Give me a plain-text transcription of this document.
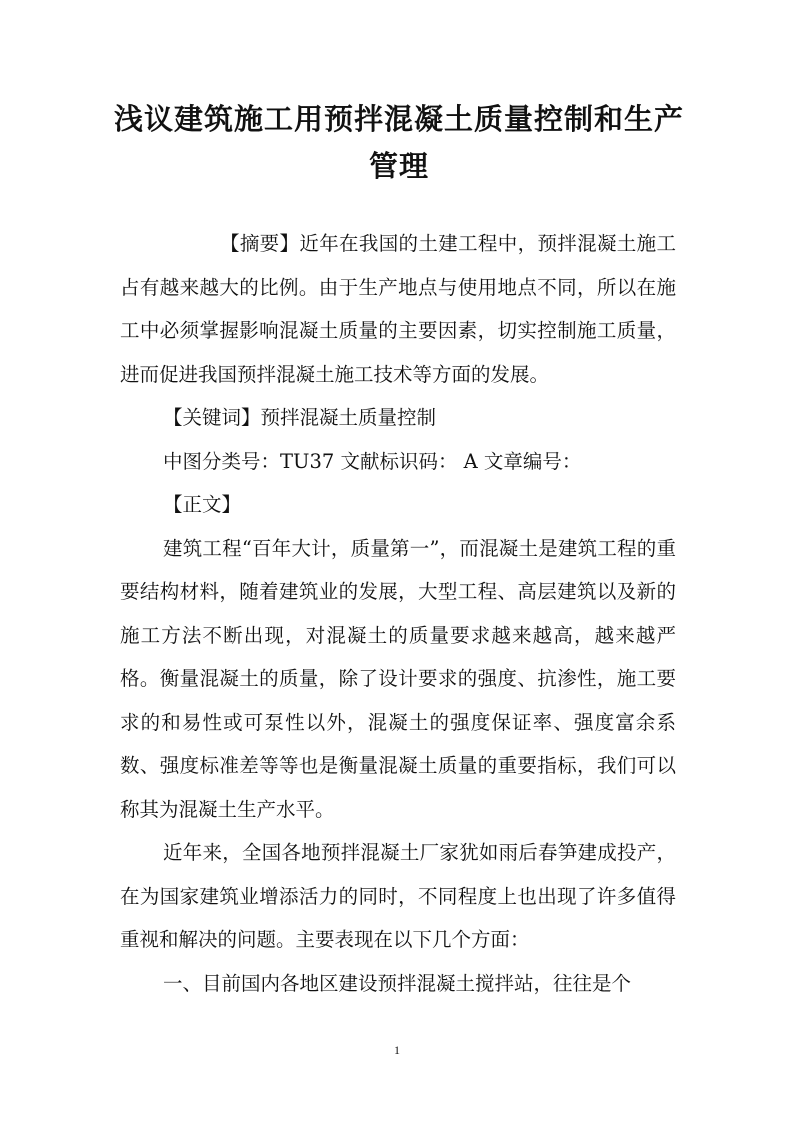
浅议建筑施工用预拌混凝土质量控制和生产管理

【摘要】近年在我国的土建工程中，预拌混凝土施工占有越来越大的比例。由于生产地点与使用地点不同，所以在施工中必须掌握影响混凝土质量的主要因素，切实控制施工质量，进而促进我国预拌混凝土施工技术等方面的发展。

【关键词】预拌混凝土质量控制

中图分类号：TU37 文献标识码： A 文章编号：

【正文】

建筑工程“百年大计，质量第一”，而混凝土是建筑工程的重要结构材料，随着建筑业的发展，大型工程、高层建筑以及新的施工方法不断出现，对混凝土的质量要求越来越高，越来越严格。衡量混凝土的质量，除了设计要求的强度、抗渗性，施工要求的和易性或可泵性以外，混凝土的强度保证率、强度富余系数、强度标准差等等也是衡量混凝土质量的重要指标，我们可以称其为混凝土生产水平。

近年来，全国各地预拌混凝土厂家犹如雨后春笋建成投产，在为国家建筑业增添活力的同时，不同程度上也出现了许多值得重视和解决的问题。主要表现在以下几个方面：

一、目前国内各地区建设预拌混凝土搅拌站，往往是个

1
